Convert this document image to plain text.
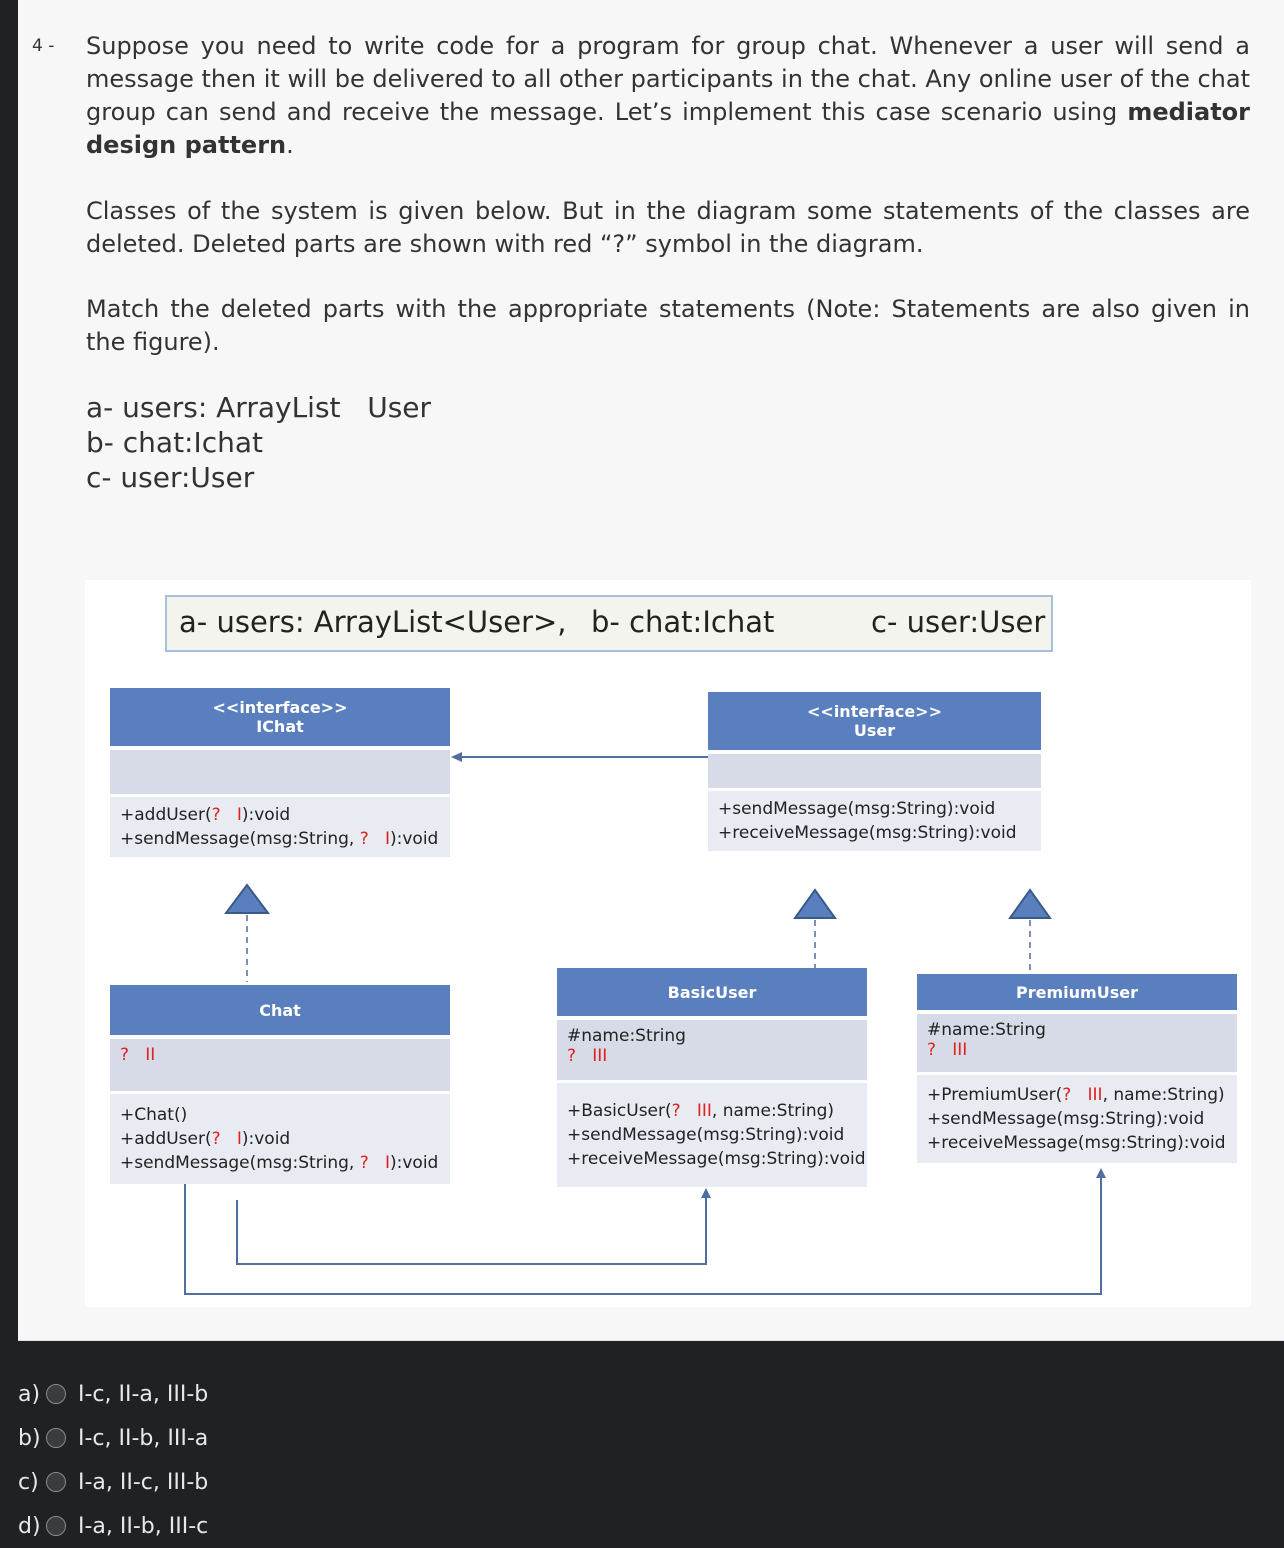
4 - Suppose you need to write code for a program for group chat. Whenever a user will send a message then it will be delivered to all other participants in the chat. Any online user of the chat group can send and receive the message. Let’s implement this case scenario using mediator design pattern.

Classes of the system is given below. But in the diagram some statements of the classes are deleted. Deleted parts are shown with red “?” symbol in the diagram.

Match the deleted parts with the appropriate statements (Note: Statements are also given in the figure).

a- users: ArrayList   User
b- chat:Ichat
c- user:User
a- users: ArrayList<User>, b- chat:Ichat	c- user:User
<<interface>>
IChat
+addUser(?   I):void
+sendMessage(msg:String, ?   I):void
<<interface>>
User
+sendMessage(msg:String):void
+receiveMessage(msg:String):void
Chat
?   II
+Chat()
+addUser(?   I):void
+sendMessage(msg:String, ?   I):void
BasicUser
#name:String
?   III
+BasicUser(?   III, name:String)
+sendMessage(msg:String):void
+receiveMessage(msg:String):void
PremiumUser
#name:String
?   III
+PremiumUser(?   III, name:String)
+sendMessage(msg:String):void
+receiveMessage(msg:String):void
a) I-c, II-a, III-b
b) I-c, II-b, III-a
c) I-a, II-c, III-b
d) I-a, II-b, III-c
